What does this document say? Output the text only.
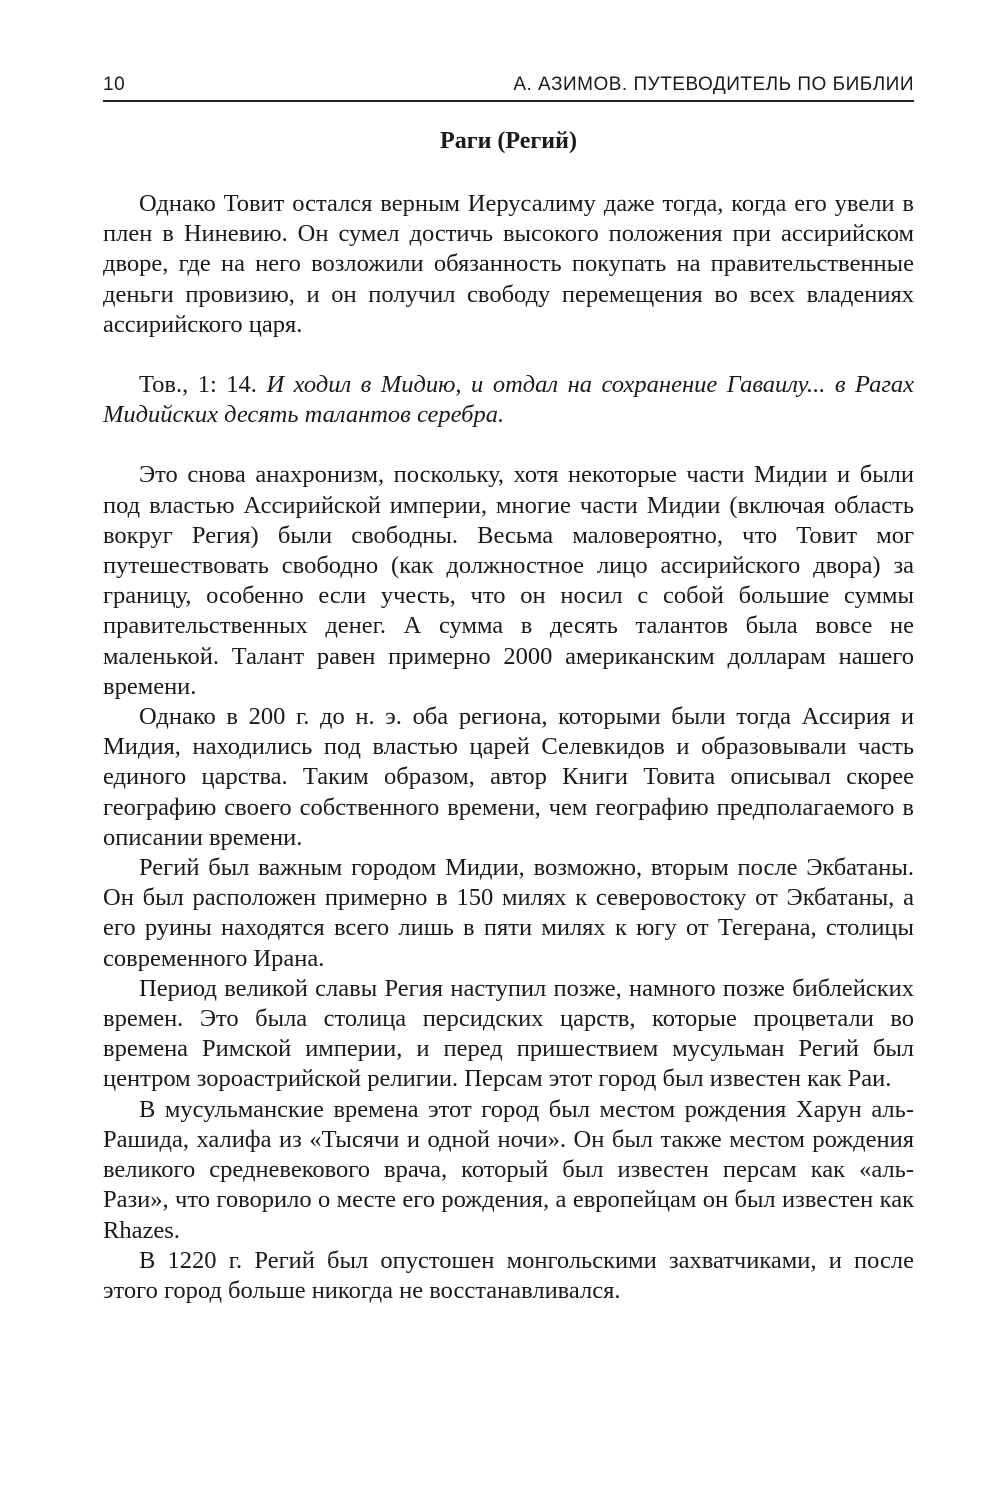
10	А. АЗИМОВ. ПУТЕВОДИТЕЛЬ ПО БИБЛИИ
Раги (Регий)

Однако Товит остался верным Иерусалиму даже тогда, когда его увели в плен в Ниневию. Он сумел достичь высокого положения при ассирийском дворе, где на него возложили обязанность покупать на правительственные деньги провизию, и он получил свободу перемещения во всех владениях ассирийского царя.

Тов., 1: 14. И ходил в Мидию, и отдал на сохранение Гаваилу... в Рагах Мидийских десять талантов серебра.

Это снова анахронизм, поскольку, хотя некоторые части Мидии и были под властью Ассирийской империи, многие части Мидии (включая область вокруг Регия) были свободны. Весьма маловероятно, что Товит мог путешествовать свободно (как должностное лицо ассирийского двора) за границу, особенно если учесть, что он носил с собой большие суммы правительственных денег. А сумма в десять талантов была вовсе не маленькой. Талант равен примерно 2000 американским долларам нашего времени.

Однако в 200 г. до н. э. оба региона, которыми были тогда Ассирия и Мидия, находились под властью царей Селевкидов и образовывали часть единого царства. Таким образом, автор Книги Товита описывал скорее географию своего собственного времени, чем географию предполагаемого в описании времени.

Регий был важным городом Мидии, возможно, вторым после Экбатаны. Он был расположен примерно в 150 милях к северовостоку от Экбатаны, а его руины находятся всего лишь в пяти милях к югу от Тегерана, столицы современного Ирана.

Период великой славы Регия наступил позже, намного позже библейских времен. Это была столица персидских царств, которые процветали во времена Римской империи, и перед пришествием мусульман Регий был центром зороастрийской религии. Персам этот город был известен как Раи.

В мусульманские времена этот город был местом рождения Харун аль-Рашида, халифа из «Тысячи и одной ночи». Он был также местом рождения великого средневекового врача, который был известен персам как «аль-Рази», что говорило о месте его рождения, а европейцам он был известен как Rhazes.

В 1220 г. Регий был опустошен монгольскими захватчиками, и после этого город больше никогда не восстанавливался.
